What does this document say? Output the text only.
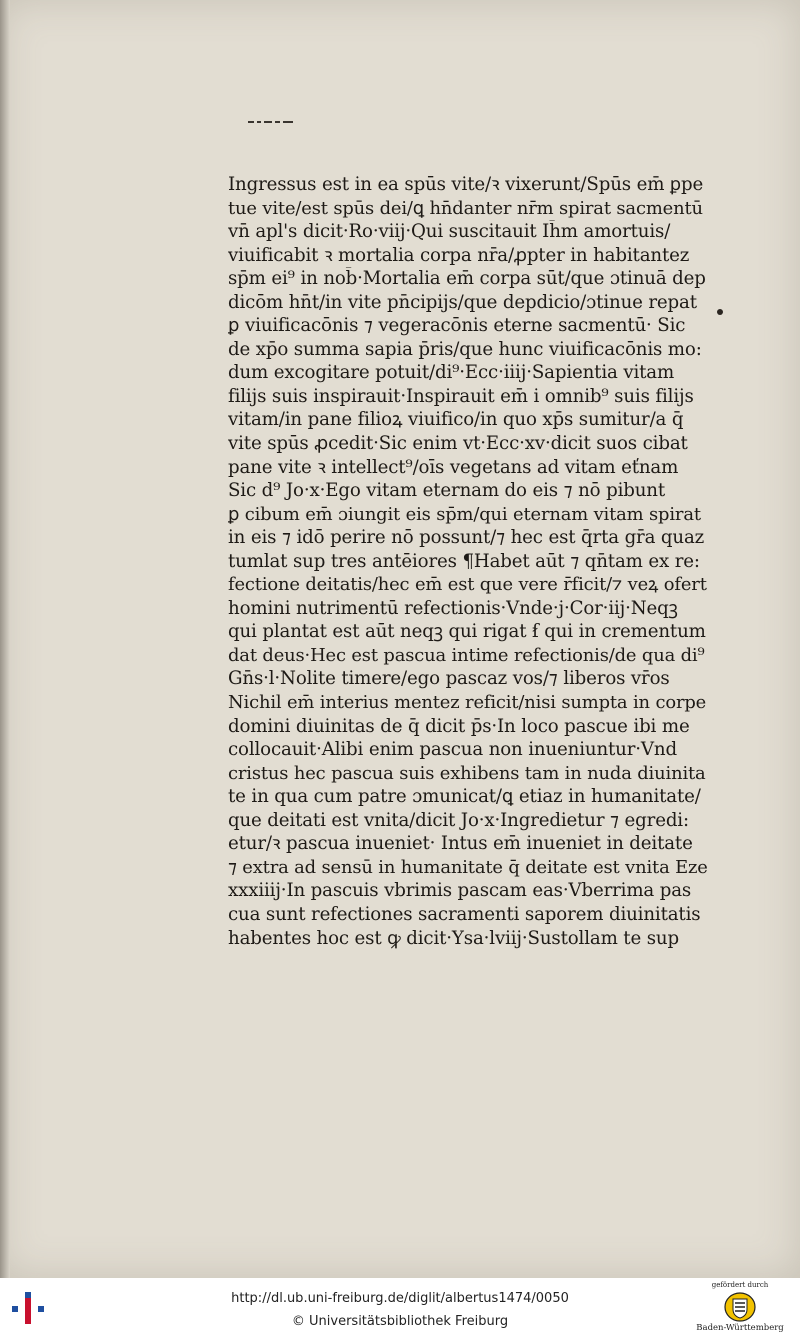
Ingressus est in ea spūs vite/ꝛ vixerunt/Spūs em̄ ꝑpe
tue vite/est spūs dei/ꝗ hn̄danter nr̄m spirat sacmentū
vn̄ apl's dicit·Ro·viij·Qui suscitauit Ih̄m amortuis/
viuificabit ꝛ mortalia corpa nr̄a/ꝓpter in habitantez
sp̄m ei⁹ in nob̄·Mortalia em̄ corpa sūt/que ɔtinuā dep
dicōm hn̄t/in vite pn̄cipijs/que depdicio/ɔtinue repat
ꝑ viuificacōnis ⁊ vegeracōnis eterne sacmentū· Sic
de xp̄o summa sapia p̄ris/que hunc viuificacōnis mo:
dum excogitare potuit/di⁹·Ecc·iiij·Sapientia vitam
filijs suis inspirauit·Inspirauit em̄ i omnib⁹ suis filijs
vitam/in pane filioꝝ viuifico/in quo xp̄s sumitur/a q̄
vite spūs ꝓcedit·Sic enim vt·Ecc·xv·dicit suos cibat
pane vite ꝛ intellect⁹/oīs vegetans ad vitam eťnam
Sic d⁹ Jo·x·Ego vitam eternam do eis ⁊ nō pibunt
ꝑ cibum em̄ ɔiungit eis sp̄m/qui eternam vitam spirat
in eis ⁊ idō perire nō possunt/⁊ hec est q̄rta gr̄a quaz
tumlat sup tres antēiores ¶Habet aūt ⁊ qn̄tam ex re:
fectione deitatis/hec em̄ est que vere r̄ficit/⁊ veꝝ ofert
homini nutrimentū refectionis·Vnde·j·Cor·iij·Neqꝫ
qui plantat est aūt neqꝫ qui rigat ẜ qui in crementum
dat deus·Hec est pascua intime refectionis/de qua di⁹
Gn̄s·l·Nolite timere/ego pascaz vos/⁊ liberos vr̄os
Nichil em̄ interius mentez reficit/nisi sumpta in corpe
domini diuinitas de q̄ dicit p̄s·In loco pascue ibi me
collocauit·Alibi enim pascua non inueniuntur·Vnd
cristus hec pascua suis exhibens tam in nuda diuinita
te in qua cum patre ɔmunicat/ꝗ etiaz in humanitate/
que deitati est vnita/dicit Jo·x·Ingredietur ⁊ egredi:
etur/ꝛ pascua inueniet· Intus em̄ inueniet in deitate
⁊ extra ad sensū in humanitate q̄ deitate est vnita Eze
xxxiiij·In pascuis vbrimis pascam eas·Vberrima pas
cua sunt refectiones sacramenti saporem diuinitatis
habentes hoc est ꝙ dicit·Ysa·lviij·Sustollam te sup
http://dl.ub.uni-freiburg.de/diglit/albertus1474/0050
© Universitätsbibliothek Freiburg
gefördert durch
Baden-Württemberg
